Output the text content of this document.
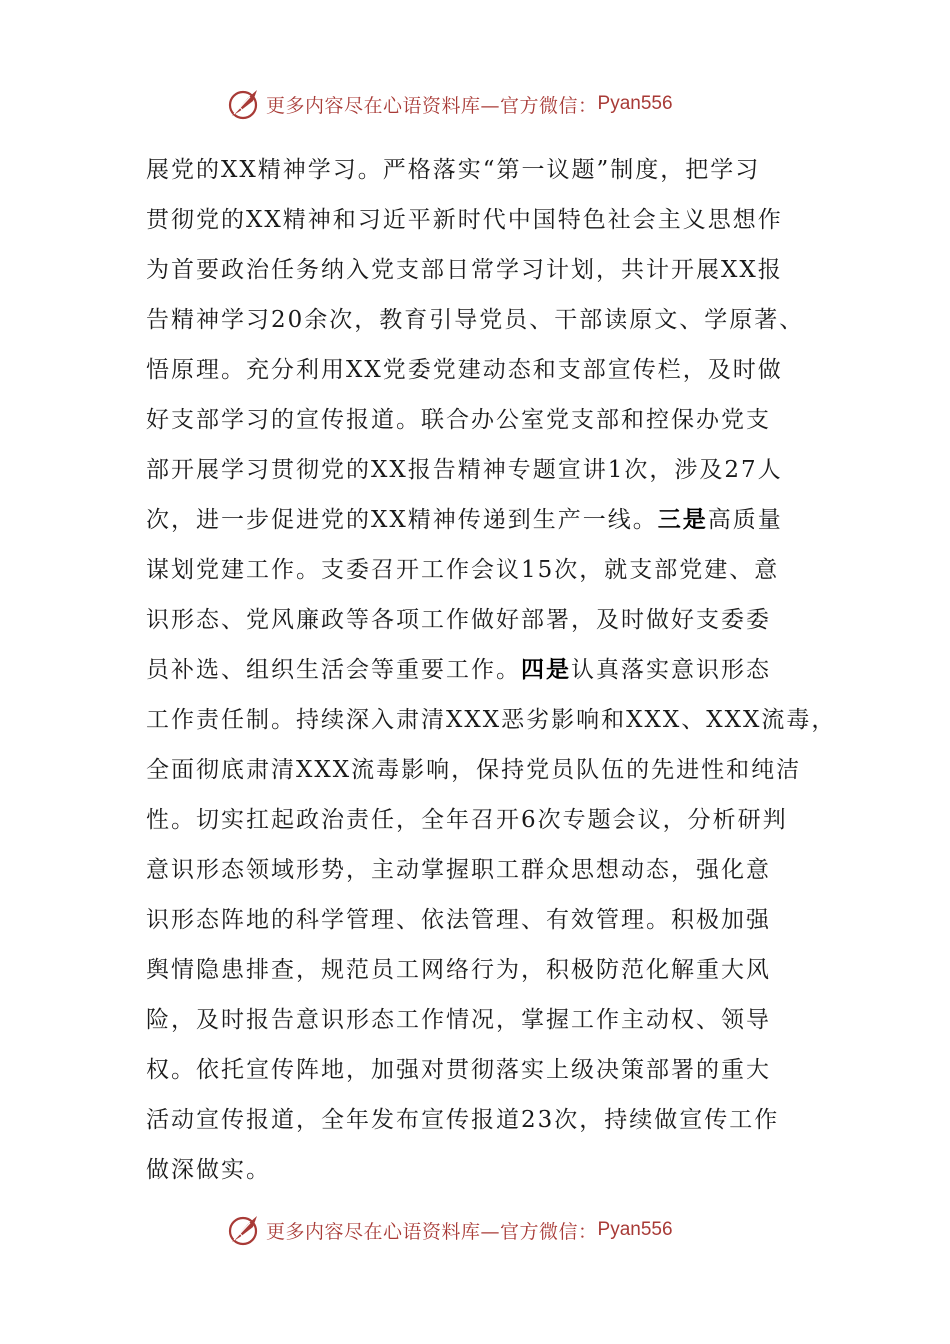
更多内容尽在心语资料库—官方微信： Pyan556
展党的XX精神学习。严格落实“第一议题”制度，把学习
贯彻党的XX精神和习近平新时代中国特色社会主义思想作
为首要政治任务纳入党支部日常学习计划，共计开展XX报
告精神学习20余次，教育引导党员、干部读原文、学原著、
悟原理。充分利用XX党委党建动态和支部宣传栏，及时做
好支部学习的宣传报道。联合办公室党支部和控保办党支
部开展学习贯彻党的XX报告精神专题宣讲1次，涉及27人
次，进一步促进党的XX精神传递到生产一线。三是高质量
谋划党建工作。支委召开工作会议15次，就支部党建、意
识形态、党风廉政等各项工作做好部署，及时做好支委委
员补选、组织生活会等重要工作。四是认真落实意识形态
工作责任制。持续深入肃清XXX恶劣影响和XXX、XXX流毒，
全面彻底肃清XXX流毒影响，保持党员队伍的先进性和纯洁
性。切实扛起政治责任，全年召开6次专题会议，分析研判
意识形态领域形势，主动掌握职工群众思想动态，强化意
识形态阵地的科学管理、依法管理、有效管理。积极加强
舆情隐患排查，规范员工网络行为，积极防范化解重大风
险，及时报告意识形态工作情况，掌握工作主动权、领导
权。依托宣传阵地，加强对贯彻落实上级决策部署的重大
活动宣传报道，全年发布宣传报道23次，持续做宣传工作
做深做实。
更多内容尽在心语资料库—官方微信： Pyan556
